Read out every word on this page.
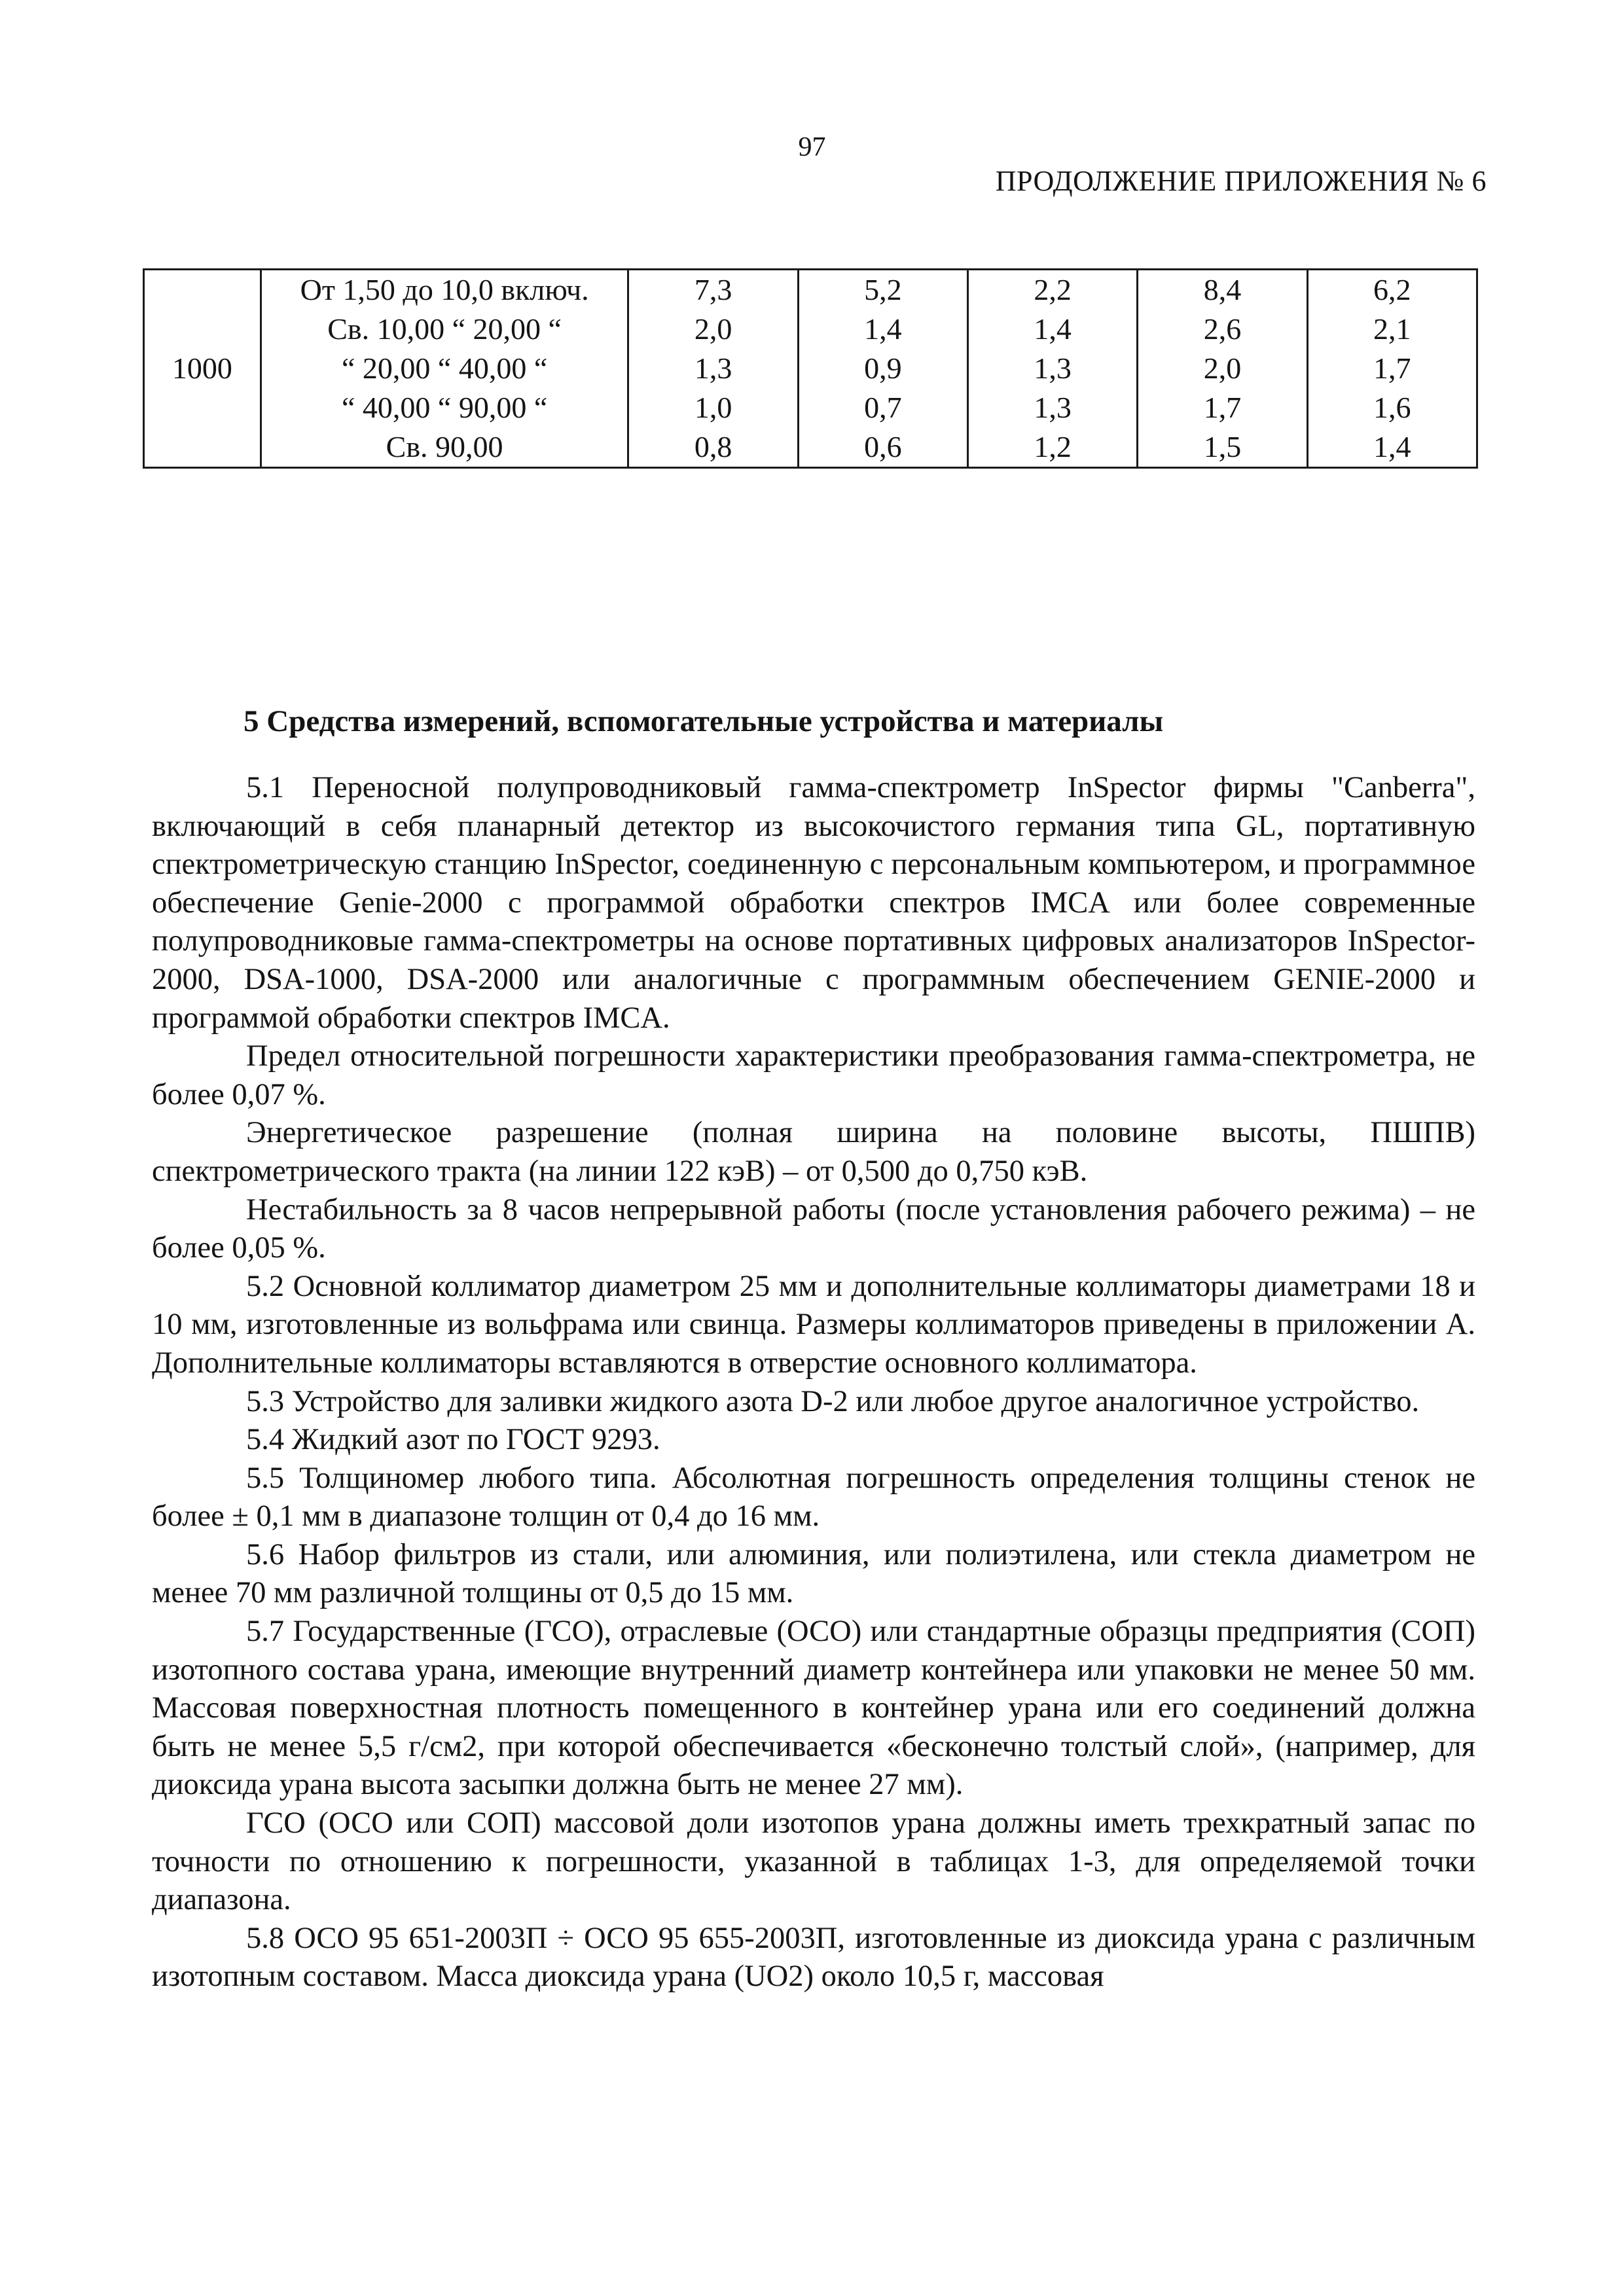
97
ПРОДОЛЖЕНИЕ ПРИЛОЖЕНИЯ № 6
1000	От 1,50 до 10,0 включ.	7,3	5,2	2,2	8,4	6,2
	Св. 10,00 “ 20,00 “	2,0	1,4	1,4	2,6	2,1
	“ 20,00 “ 40,00 “	1,3	0,9	1,3	2,0	1,7
	“ 40,00 “ 90,00 “	1,0	0,7	1,3	1,7	1,6
	Св. 90,00	0,8	0,6	1,2	1,5	1,4
5 Средства измерений, вспомогательные устройства и материалы

5.1 Переносной полупроводниковый гамма-спектрометр InSpector фирмы "Canberra", включающий в себя планарный детектор из высокочистого германия типа GL, портативную спектрометрическую станцию InSpector, соединенную с персональным компьютером, и программное обеспечение Genie-2000 с программой обработки спектров IMCA или более современные полупроводниковые гамма-спектрометры на основе портативных цифровых анализаторов InSpector-2000, DSA-1000, DSA-2000 или аналогичные с программным обеспечением GENIE-2000 и программой обработки спектров IMCA.

Предел относительной погрешности характеристики преобразования гамма-спектрометра, не более 0,07 %.

Энергетическое разрешение (полная ширина на половине высоты, ПШПВ) спектрометрического тракта (на линии 122 кэВ) – от 0,500 до 0,750 кэВ.

Нестабильность за 8 часов непрерывной работы (после установления рабочего режима) – не более 0,05 %.

5.2 Основной коллиматор диаметром 25 мм и дополнительные коллиматоры диаметрами 18 и 10 мм, изготовленные из вольфрама или свинца. Размеры коллиматоров приведены в приложении А. Дополнительные коллиматоры вставляются в отверстие основного коллиматора.

5.3 Устройство для заливки жидкого азота D-2 или любое другое аналогичное устройство.

5.4 Жидкий азот по ГОСТ 9293.

5.5 Толщиномер любого типа. Абсолютная погрешность определения толщины стенок не более ± 0,1 мм в диапазоне толщин от 0,4 до 16 мм.

5.6 Набор фильтров из стали, или алюминия, или полиэтилена, или стекла диаметром не менее 70 мм различной толщины от 0,5 до 15 мм.

5.7 Государственные (ГСО), отраслевые (ОСО) или стандартные образцы предприятия (СОП) изотопного состава урана, имеющие внутренний диаметр контейнера или упаковки не менее 50 мм. Массовая поверхностная плотность помещенного в контейнер урана или его соединений должна быть не менее 5,5 г/см2, при которой обеспечивается «бесконечно толстый слой», (например, для диоксида урана высота засыпки должна быть не менее 27 мм).

ГСО (ОСО или СОП) массовой доли изотопов урана должны иметь трехкратный запас по точности по отношению к погрешности, указанной в таблицах 1-3, для определяемой точки диапазона.

5.8 ОСО 95 651-2003П ÷ ОСО 95 655-2003П, изготовленные из диоксида урана с различным изотопным составом. Масса диоксида урана (UO2) около 10,5 г, массовая
